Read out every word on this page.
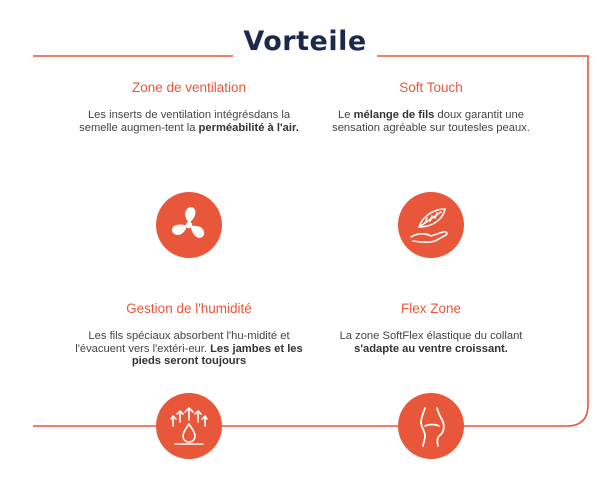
Vorteile
Zone de ventilation

Les inserts de ventilation intégrésdans la semelle augmen-tent la perméabilité à l'air.

Soft Touch

Le mélange de fils doux garantit une sensation agréable sur toutesles peaux.

Gestion de l'humidité

Les fils spéciaux absorbent l'hu-midité et l'évacuent vers l'extéri-eur. Les jambes et les pieds seront toujours

Flex Zone

La zone SoftFlex élastique du collant s'adapte au ventre croissant.
